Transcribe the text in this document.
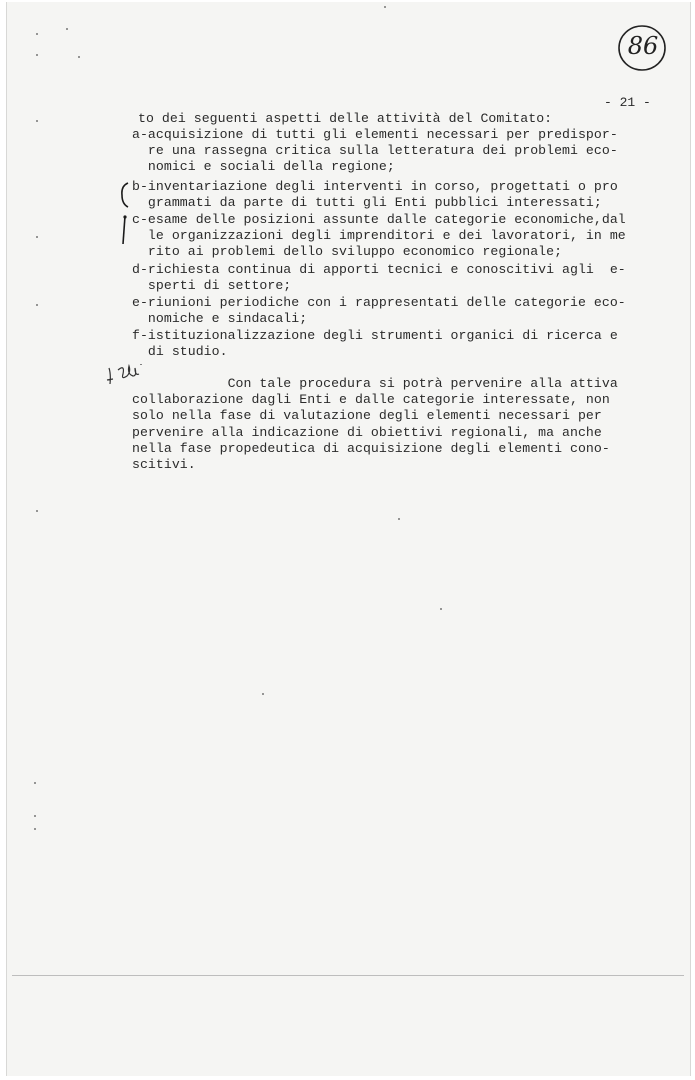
86
- 21 -
to dei seguenti aspetti delle attività del Comitato:
a-acquisizione di tutti gli elementi necessari per predispor-
re una rassegna critica sulla letteratura dei problemi eco-
nomici e sociali della regione;
b-inventariazione degli interventi in corso, progettati o pro
grammati da parte di tutti gli Enti pubblici interessati;
c-esame delle posizioni assunte dalle categorie economiche,dal
le organizzazioni degli imprenditori e dei lavoratori, in me
rito ai problemi dello sviluppo economico regionale;
d-richiesta continua di apporti tecnici e conoscitivi agli  e-
sperti di settore;
e-riunioni periodiche con i rappresentati delle categorie eco-
nomiche e sindacali;
f-istituzionalizzazione degli strumenti organici di ricerca e
di studio.
Con tale procedura si potrà pervenire alla attiva
collaborazione dagli Enti e dalle categorie interessate, non
solo nella fase di valutazione degli elementi necessari per
pervenire alla indicazione di obiettivi regionali, ma anche
nella fase propedeutica di acquisizione degli elementi cono-
scitivi.
